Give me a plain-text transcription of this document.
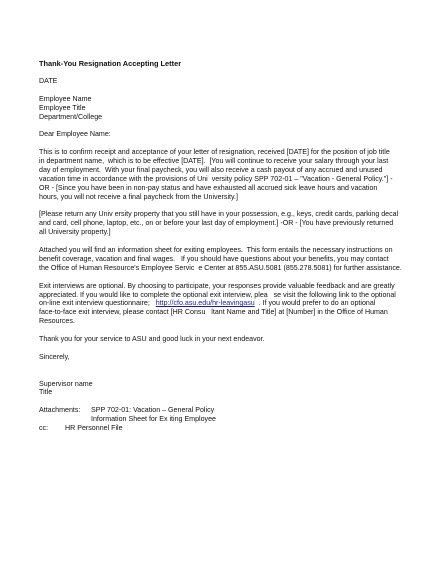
Thank-You Resignation Accepting Letter
DATE
Employee Name
Employee Title
Department/College
Dear Employee Name:
This is to confirm receipt and acceptance of your letter of resignation, received [DATE] for the position of job title
in department name,  which is to be effective [DATE].  [You will continue to receive your salary through your last
day of employment.  With your final paycheck, you will also receive a cash payout of any accrued and unused
vacation time in accordance with the provisions of Uni  versity policy SPP 702-01 – "Vacation - General Policy."] -
OR - [Since you have been in non-pay status and have exhausted all accrued sick leave hours and vacation
hours, you will not receive a final paycheck from the University.]
[Please return any Univ ersity property that you still have in your possession, e.g., keys, credit cards, parking decal
and card, cell phone, laptop, etc., on or before your last day of employment.] -OR - [You have previously returned
all University property.]
Attached you will find an information sheet for exiting employees.  This form entails the necessary instructions on
benefit coverage, vacation and final wages.   If you should have questions about your benefits, you may contact
the Office of Human Resource's Employee Servic  e Center at 855.ASU.5081 (855.278.5081) for further assistance.
Exit interviews are optional. By choosing to participate, your responses provide valuable feedback and are greatly
appreciated. If you would like to complete the optional exit interview, plea   se visit the following link to the optional
on-line exit interview questionnaire;   http://cfo.asu.edu/hr-leavingasu  . If you would prefer to do an optional
face-to-face exit interview, please contact [HR Consu   ltant Name and Title] at [Number] in the Office of Human
Resources.
Thank you for your service to ASU and good luck in your next endeavor.
Sincerely,
Supervisor name
Title
Attachments:	SPP 702-01: Vacation – General Policy
Information Sheet for Ex iting Employee
cc:	HR Personnel File
